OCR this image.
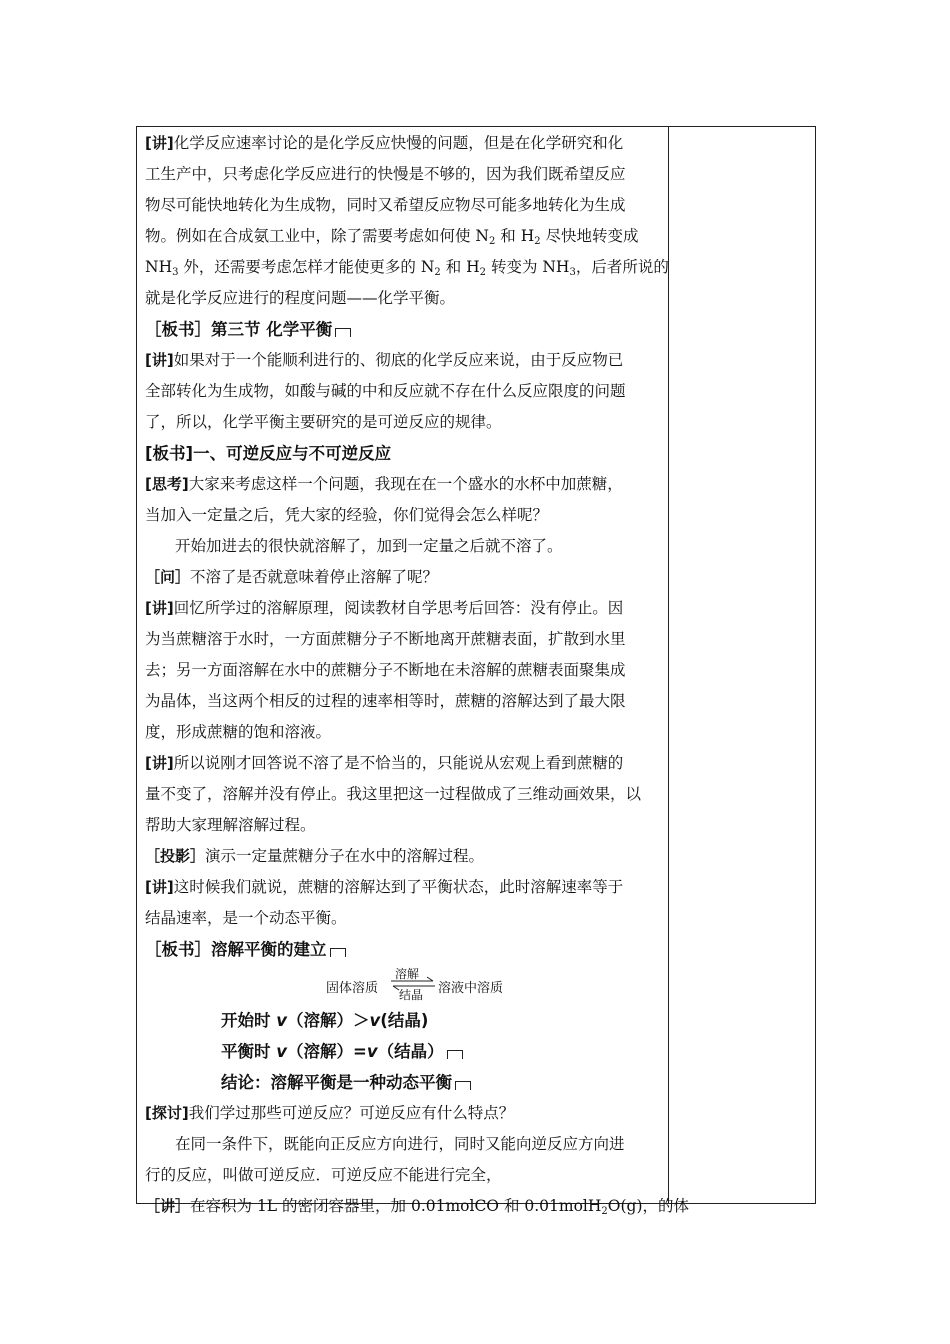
[讲]化学反应速率讨论的是化学反应快慢的问题，但是在化学研究和化
工生产中，只考虑化学反应进行的快慢是不够的，因为我们既希望反应
物尽可能快地转化为生成物，同时又希望反应物尽可能多地转化为生成
物。例如在合成氨工业中，除了需要考虑如何使 $N_2$ 和 $H_2$ 尽快地转变成
$NH_3$ 外，还需要考虑怎样才能使更多的 $N_2$ 和 $H_2$ 转变为 $NH_3$，后者所说的
就是化学反应进行的程度问题——化学平衡。
［板书］第三节 化学平衡
[讲]如果对于一个能顺利进行的、彻底的化学反应来说，由于反应物已
全部转化为生成物，如酸与碱的中和反应就不存在什么反应限度的问题
了，所以，化学平衡主要研究的是可逆反应的规律。
[板书]一、可逆反应与不可逆反应
[思考]大家来考虑这样一个问题，我现在在一个盛水的水杯中加蔗糖，
当加入一定量之后，凭大家的经验，你们觉得会怎么样呢？
开始加进去的很快就溶解了，加到一定量之后就不溶了。
［问］不溶了是否就意味着停止溶解了呢？
[讲]回忆所学过的溶解原理，阅读教材自学思考后回答：没有停止。因
为当蔗糖溶于水时，一方面蔗糖分子不断地离开蔗糖表面，扩散到水里
去；另一方面溶解在水中的蔗糖分子不断地在未溶解的蔗糖表面聚集成
为晶体，当这两个相反的过程的速率相等时，蔗糖的溶解达到了最大限
度，形成蔗糖的饱和溶液。
[讲]所以说刚才回答说不溶了是不恰当的，只能说从宏观上看到蔗糖的
量不变了，溶解并没有停止。我这里把这一过程做成了三维动画效果，以
帮助大家理解溶解过程。
［投影］演示一定量蔗糖分子在水中的溶解过程。
[讲]这时候我们就说，蔗糖的溶解达到了平衡状态，此时溶解速率等于
结晶速率，是一个动态平衡。
［板书］溶解平衡的建立
固体溶质
溶解
结晶 溶液中溶质
开始时 v（溶解）＞v(结晶)
平衡时 v（溶解）=v（结晶）
结论：溶解平衡是一种动态平衡
[探讨]我们学过那些可逆反应？可逆反应有什么特点？
在同一条件下，既能向正反应方向进行，同时又能向逆反应方向进
行的反应，叫做可逆反应．可逆反应不能进行完全，
［讲］在容积为 1L 的密闭容器里，加 0.01molCO 和 0.01molH$_2$O(g)，的体
